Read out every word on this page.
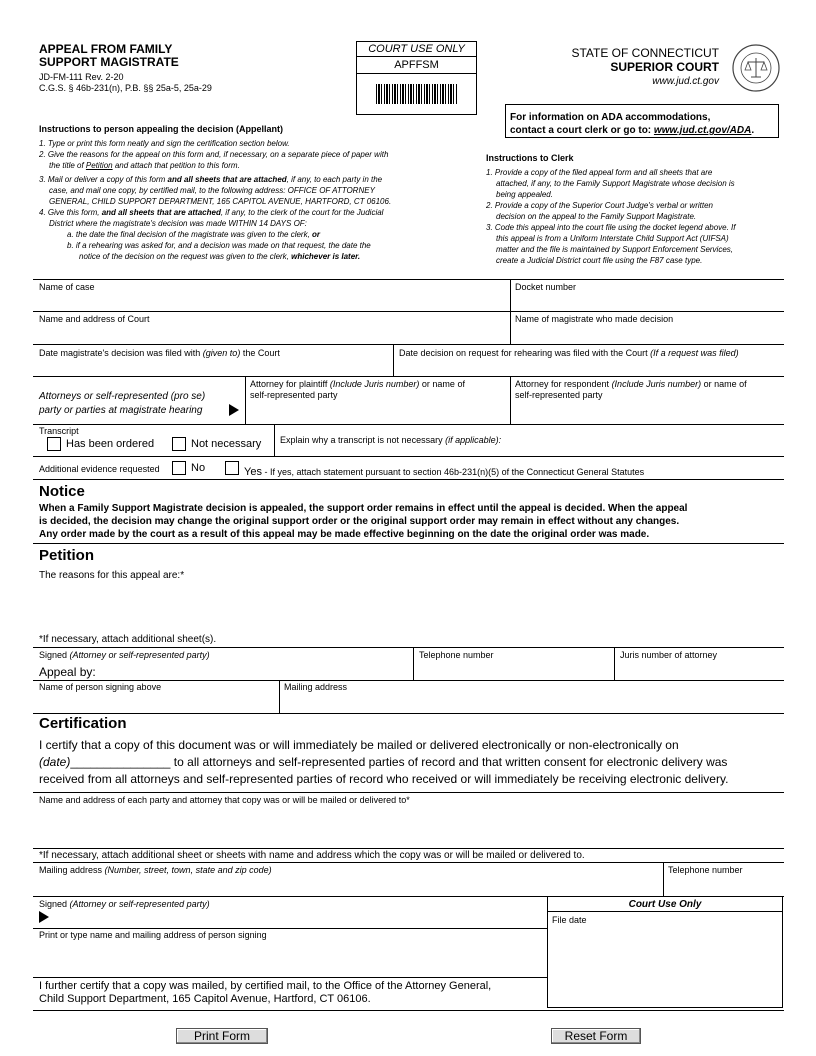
APPEAL FROM FAMILY
SUPPORT MAGISTRATE
JD-FM-111 Rev. 2-20
C.G.S. § 46b-231(n), P.B. §§ 25a-5, 25a-29
COURT USE ONLY
APFFSM
STATE OF CONNECTICUT
SUPERIOR COURT
www.jud.ct.gov
For information on ADA accommodations,
contact a court clerk or go to: www.jud.ct.gov/ADA.
Instructions to person appealing the decision (Appellant)
1. Type or print this form neatly and sign the certification section below.
2. Give the reasons for the appeal on this form and, if necessary, on a separate piece of paper with
the title of Petition and attach that petition to this form.
3. Mail or deliver a copy of this form and all sheets that are attached, if any, to each party in the
case, and mail one copy, by certified mail, to the following address: OFFICE OF ATTORNEY
GENERAL, CHILD SUPPORT DEPARTMENT, 165 CAPITOL AVENUE, HARTFORD, CT 06106.
4. Give this form, and all sheets that are attached, if any, to the clerk of the court for the Judicial
District where the magistrate's decision was made WITHIN 14 DAYS OF:
a. the date the final decision of the magistrate was given to the clerk, or
b. if a rehearing was asked for, and a decision was made on that request, the date the
notice of the decision on the request was given to the clerk, whichever is later.
Instructions to Clerk
1. Provide a copy of the filed appeal form and all sheets that are
attached, if any, to the Family Support Magistrate whose decision is
being appealed.
2. Provide a copy of the Superior Court Judge's verbal or written
decision on the appeal to the Family Support Magistrate.
3. Code this appeal into the court file using the docket legend above. If
this appeal is from a Uniform Interstate Child Support Act (UIFSA)
matter and the file is maintained by Support Enforcement Services,
create a Judicial District court file using the F87 case type.
Name of case	Docket number
Name and address of Court	Name of magistrate who made decision
Date magistrate's decision was filed with (given to) the Court	Date decision on request for rehearing was filed with the Court (If a request was filed)
Attorneys or self-represented (pro se)
party or parties at magistrate hearing
Attorney for plaintiff (Include Juris number) or name of
self-represented party
Attorney for respondent (Include Juris number) or name of
self-represented party
Transcript
Has been ordered	Not necessary Explain why a transcript is not necessary (if applicable):
Additional evidence requested	No	Yes - If yes, attach statement pursuant to section 46b-231(n)(5) of the Connecticut General Statutes
Notice
When a Family Support Magistrate decision is appealed, the support order remains in effect until the appeal is decided. When the appeal
is decided, the decision may change the original support order or the original support order may remain in effect without any changes.
Any order made by the court as a result of this appeal may be made effective beginning on the date the original order was made.
Petition
The reasons for this appeal are:*
*If necessary, attach additional sheet(s).
Signed (Attorney or self-represented party)
Appeal by:
Telephone number	Juris number of attorney
Name of person signing above	Mailing address
Certification
I certify that a copy of this document was or will immediately be mailed or delivered electronically or non-electronically on
(date)_______________ to all attorneys and self-represented parties of record and that written consent for electronic delivery was
received from all attorneys and self-represented parties of record who received or will immediately be receiving electronic delivery.
Name and address of each party and attorney that copy was or will be mailed or delivered to*
*If necessary, attach additional sheet or sheets with name and address which the copy was or will be mailed or delivered to.
Mailing address (Number, street, town, state and zip code)	Telephone number
Signed (Attorney or self-represented party)
Print or type name and mailing address of person signing
I further certify that a copy was mailed, by certified mail, to the Office of the Attorney General,
Child Support Department, 165 Capitol Avenue, Hartford, CT 06106.
Court Use Only
File date
Print Form	Reset Form
